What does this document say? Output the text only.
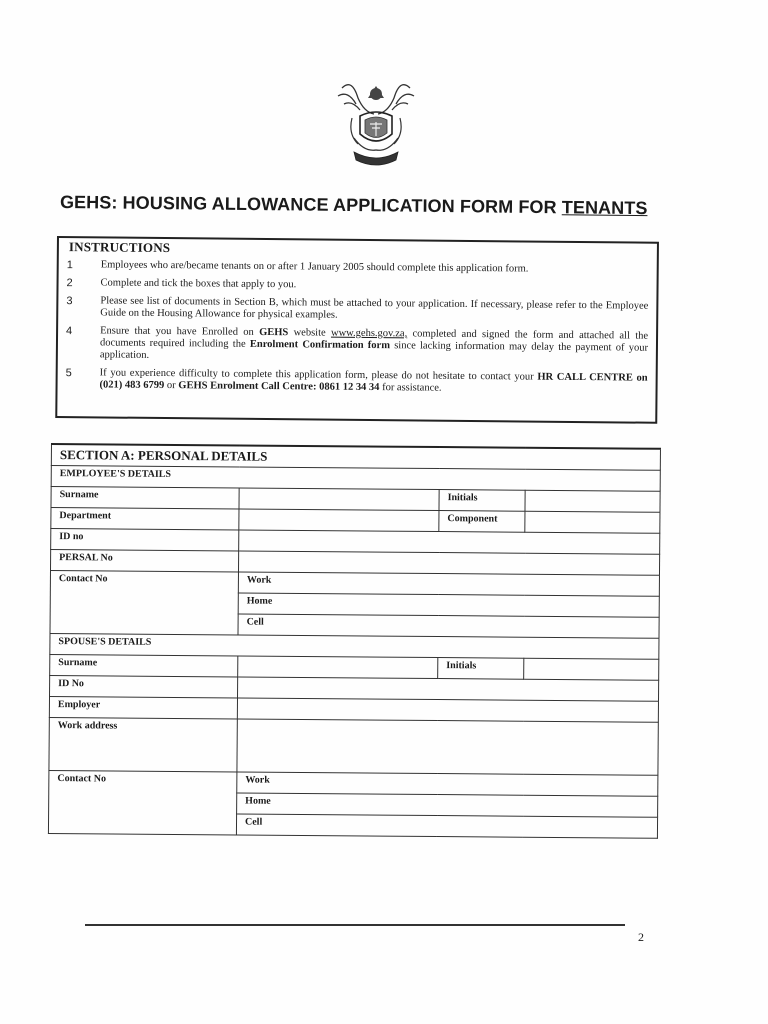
GEHS: HOUSING ALLOWANCE APPLICATION FORM FOR TENANTS
INSTRUCTIONS
1	Employees who are/became tenants on or after 1 January 2005 should complete this application form.
2	Complete and tick the boxes that apply to you.
3	Please see list of documents in Section B, which must be attached to your application. If necessary, please refer to the Employee Guide on the Housing Allowance for physical examples.
4	Ensure that you have Enrolled on GEHS website www.gehs.gov.za, completed and signed the form and attached all the documents required including the Enrolment Confirmation form since lacking information may delay the payment of your application.
5	If you experience difficulty to complete this application form, please do not hesitate to contact your HR CALL CENTRE on (021) 483 6799 or GEHS Enrolment Call Centre: 0861 12 34 34 for assistance.
SECTION A: PERSONAL DETAILS			
EMPLOYEE'S DETAILS			
Surname		Initials	
Department		Component	
ID no			
PERSAL No			
Contact No	Work		
	Home		
	Cell		
SPOUSE'S DETAILS			
Surname		Initials	
ID No			
Employer			
Work address			
Contact No	Work		
	Home		
	Cell		
2
